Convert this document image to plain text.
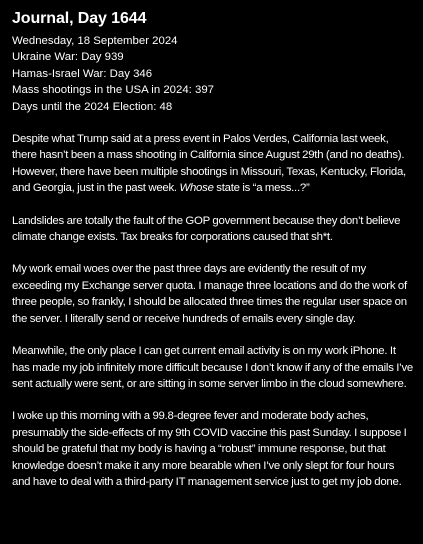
Journal, Day 1644
Wednesday, 18 September 2024
Ukraine War: Day 939
Hamas-Israel War: Day 346
Mass shootings in the USA in 2024: 397
Days until the 2024 Election: 48

Despite what Trump said at a press event in Palos Verdes, California last week, there hasn’t been a mass shooting in California since August 29th (and no deaths). However, there have been multiple shootings in Missouri, Texas, Kentucky, Florida, and Georgia, just in the past week. Whose state is “a mess...?”

Landslides are totally the fault of the GOP government because they don’t believe climate change exists. Tax breaks for corporations caused that sh*t.

My work email woes over the past three days are evidently the result of my exceeding my Exchange server quota. I manage three locations and do the work of three people, so frankly, I should be allocated three times the regular user space on the server. I literally send or receive hundreds of emails every single day.

Meanwhile, the only place I can get current email activity is on my work iPhone. It has made my job infinitely more difficult because I don’t know if any of the emails I’ve sent actually were sent, or are sitting in some server limbo in the cloud somewhere.

I woke up this morning with a 99.8-degree fever and moderate body aches, presumably the side-effects of my 9th COVID vaccine this past Sunday. I suppose I should be grateful that my body is having a “robust” immune response, but that knowledge doesn’t make it any more bearable when I’ve only slept for four hours and have to deal with a third-party IT management service just to get my job done.
